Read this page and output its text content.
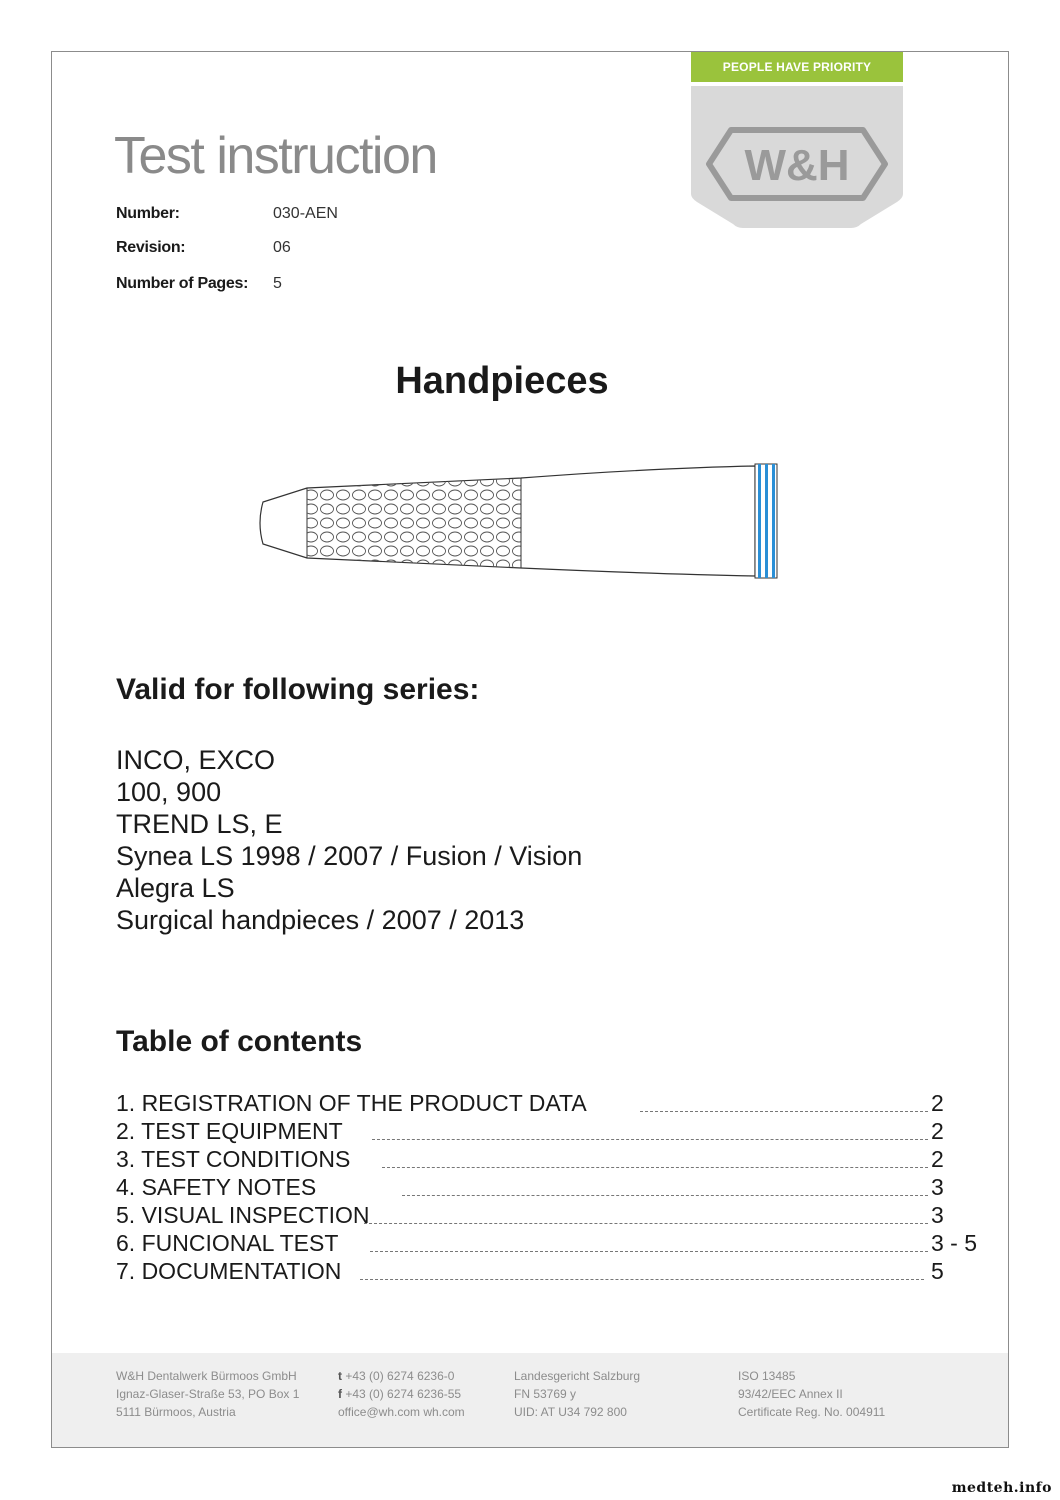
PEOPLE HAVE PRIORITY
W&H
Test instruction
Number:	030-AEN
Revision:	06
Number of Pages: 5
Handpieces
Valid for following series:
INCO, EXCO
100, 900
TREND LS, E
Synea LS 1998 / 2007 / Fusion / Vision
Alegra LS
Surgical handpieces / 2007 / 2013
Table of contents
1. REGISTRATION OF THE PRODUCT DATA	2
2. TEST EQUIPMENT	2
3. TEST CONDITIONS	2
4. SAFETY NOTES	3
5. VISUAL INSPECTION	3
6. FUNCIONAL TEST	3 - 5
7. DOCUMENTATION	5
W&H Dentalwerk Bürmoos GmbH
Ignaz-Glaser-Straße 53, PO Box 1
5111 Bürmoos, Austria
t +43 (0) 6274 6236-0
f +43 (0) 6274 6236-55
office@wh.com wh.com
Landesgericht Salzburg
FN 53769 y
UID: AT U34 792 800
ISO 13485
93/42/EEC Annex II
Certificate Reg. No. 004911
medteh.info
